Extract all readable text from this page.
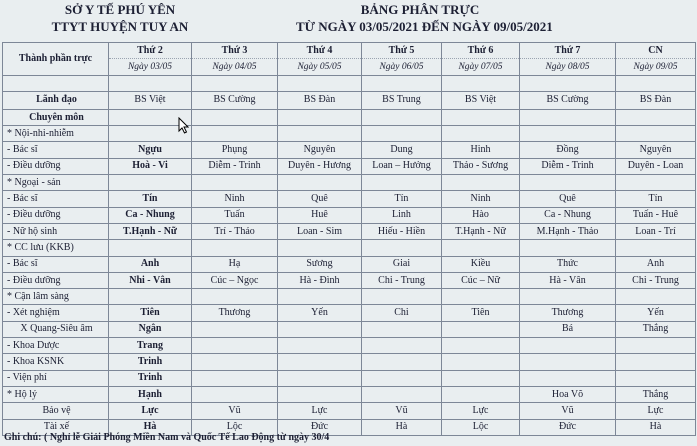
SỞ Y TẾ PHÚ YÊN
TTYT HUYỆN TUY AN
BẢNG PHÂN TRỰC
TỪ NGÀY 03/05/2021 ĐẾN NGÀY 09/05/2021
Thành phần trực	Thứ 2	Thứ 3	Thứ 4	Thứ 5	Thứ 6	Thứ 7	CN
	Ngày 03/05	Ngày 04/05	Ngày 05/05	Ngày 06/05	Ngày 07/05	Ngày 08/05	Ngày 09/05

Lãnh đạo	BS Việt	BS Cường	BS Đàn	BS Trung	BS Việt	BS Cường	BS Đàn
Chuyên môn							
* Nội-nhi-nhiễm							
- Bác sĩ	Ngựu	Phụng	Nguyên	Dung	Hinh	Đồng	Nguyên
- Điều dưỡng	Hoà - Vi	Diễm - Trinh	Duyên - Hương	Loan – Hưởng	Thảo - Sương	Diễm - Trinh	Duyên - Loan
* Ngoại - sản							
- Bác sĩ	Tín	Ninh	Quê	Tín	Ninh	Quê	Tín
- Điều dưỡng	Ca - Nhung	Tuấn	Huê	Linh	Hào	Ca - Nhung	Tuấn - Huê
- Nữ hộ sinh	T.Hạnh - Nữ	Trí - Thảo	Loan - Sim	Hiếu - Hiền	T.Hạnh - Nữ	M.Hạnh - Thảo	Loan - Trí
* CC lưu (KKB)							
- Bác sĩ	Anh	Hạ	Sương	Giai	Kiều	Thức	Anh
- Điều dưỡng	Nhi - Vân	Cúc – Ngọc	Hà - Đình	Chi - Trung	Cúc – Nữ	Hà - Vân	Chi - Trung
* Cận lâm sàng							
- Xét nghiệm	Tiên	Thương	Yến	Chi	Tiên	Thương	Yến
X Quang-Siêu âm	Ngân					Bá	Thắng
- Khoa Dược	Trang						
- Khoa KSNK	Trinh						
- Viện phí	Trinh						
* Hộ lý	Hạnh					Hoa Võ	Thắng
Bảo vệ	Lực	Vũ	Lực	Vũ	Lực	Vũ	Lực
Tài xế	Hà	Lộc	Đức	Hà	Lộc	Đức	Hà
Ghi chú: ( Nghỉ lễ Giải Phóng Miền Nam và Quốc Tế Lao Động từ ngày 30/4
